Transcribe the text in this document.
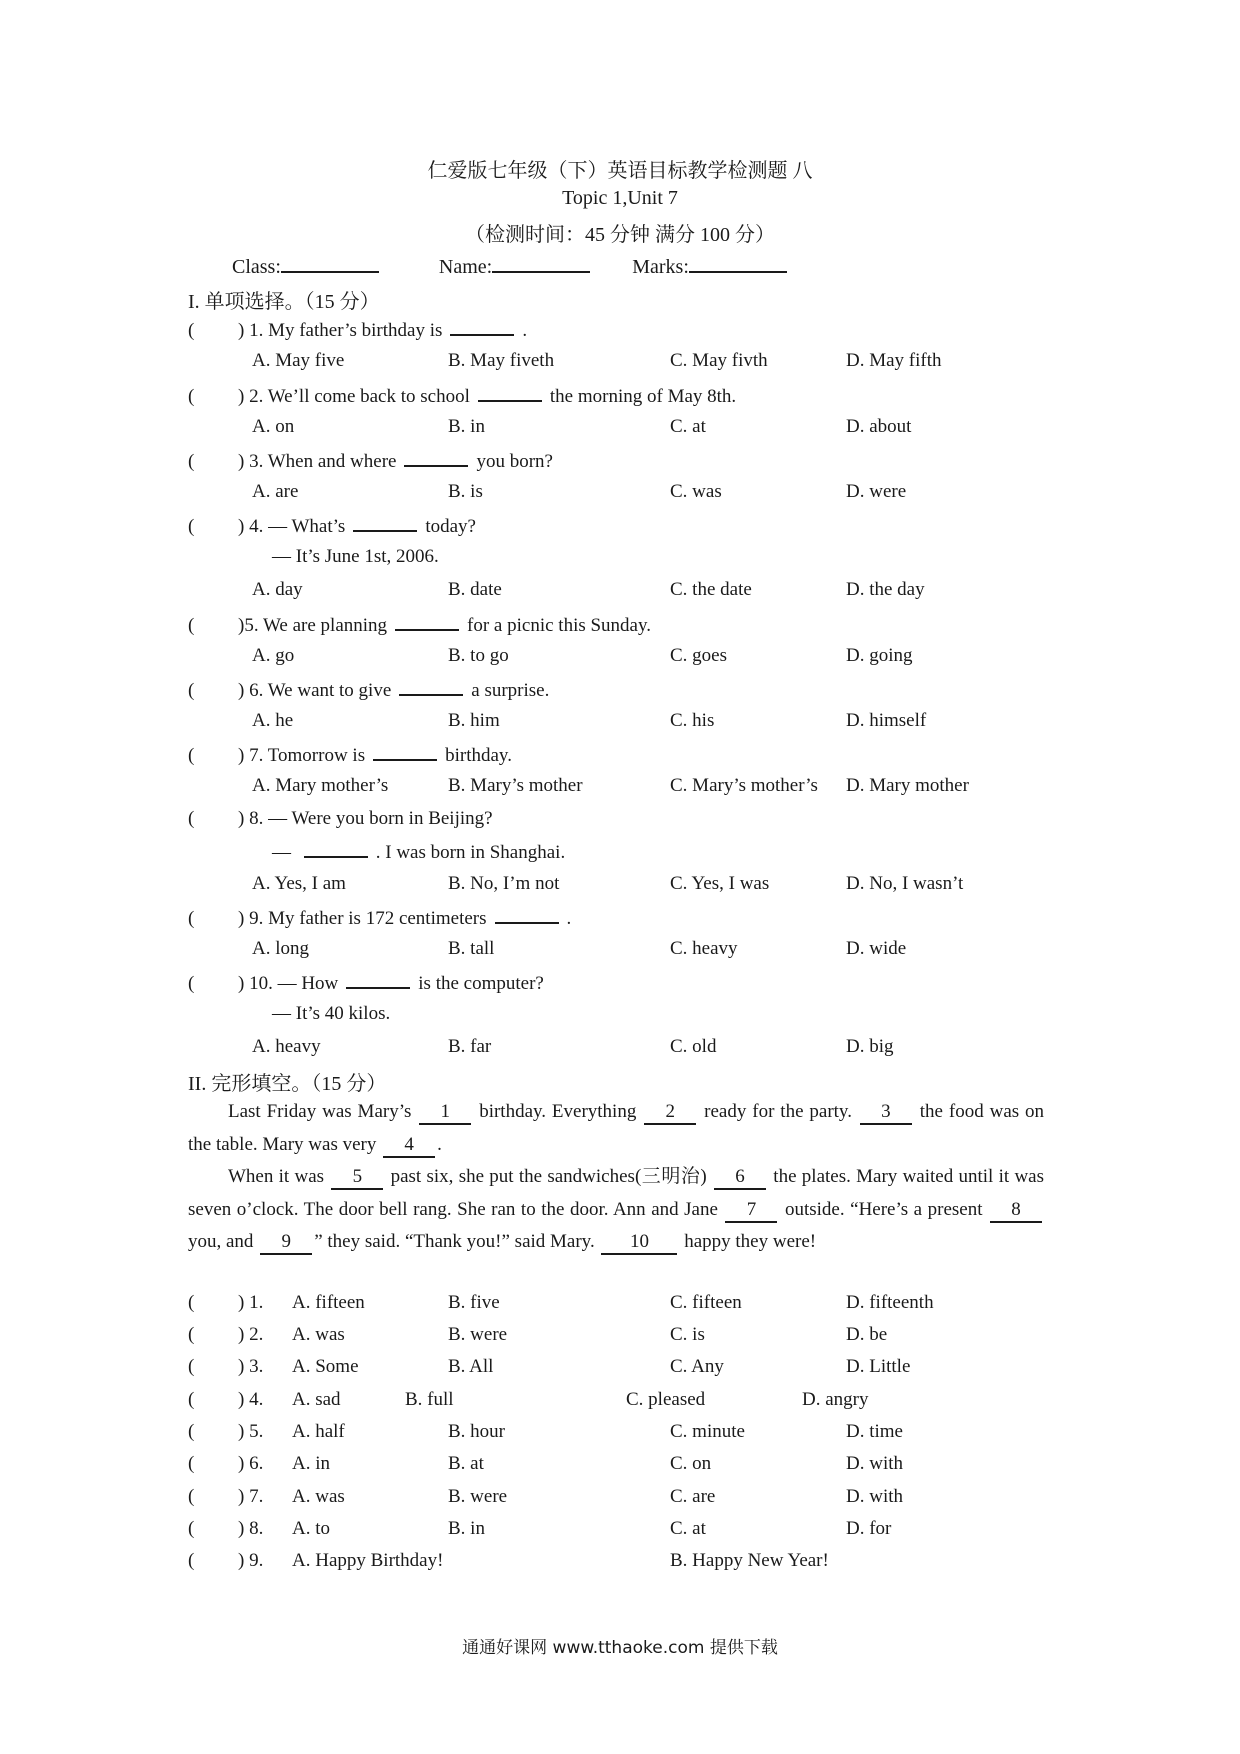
仁爱版七年级（下）英语目标教学检测题 八
Topic 1,Unit 7
（检测时间：45 分钟 满分 100 分）
Class:	Name:	Marks:
I. 单项选择。（15 分）
( ) 1. My father’s birthday is	.
A. May five	B. May fiveth	C. May fivth	D. May fifth
( ) 2. We’ll come back to school	the morning of May 8th.
A. on	B. in	C. at	D. about
( ) 3. When and where	you born?
A. are	B. is	C. was	D. were
( ) 4. — What’s	today?
— It’s June 1st, 2006.
A. day	B. date	C. the date	D. the day
( )5. We are planning	for a picnic this Sunday.
A. go	B. to go	C. goes	D. going
( ) 6. We want to give	a surprise.
A. he	B. him	C. his	D. himself
( ) 7. Tomorrow is	birthday.
A. Mary mother’s	B. Mary’s mother	C. Mary’s mother’s D. Mary mother
( ) 8. — Were you born in Beijing?
—	. I was born in Shanghai.
A. Yes, I am	B. No, I’m not	C. Yes, I was	D. No, I wasn’t
( ) 9. My father is 172 centimeters	.
A. long	B. tall	C. heavy	D. wide
( ) 10. — How	is the computer?
— It’s 40 kilos.
A. heavy	B. far	C. old	D. big
II. 完形填空。（15 分）
Last Friday was Mary’s 1 birthday. Everything 2 ready for the party. 3 the food was on the table. Mary was very 4 .
When it was 5 past six, she put the sandwiches(三明治) 6 the plates. Mary waited until it was seven o’clock. The door bell rang. She ran to the door. Ann and Jane 7 outside. “Here’s a present 8 you, and 9 ” they said. “Thank you!” said Mary. 10 happy they were!
( ) 1. A. fifteen	B. five	C. fifteen	D. fifteenth
( ) 2. A. was	B. were	C. is	D. be
( ) 3. A. Some	B. All	C. Any	D. Little
( ) 4. A. sad	B. full	C. pleased	D. angry
( ) 5. A. half	B. hour	C. minute	D. time
( ) 6. A. in	B. at	C. on	D. with
( ) 7. A. was	B. were	C. are	D. with
( ) 8. A. to	B. in	C. at	D. for
( ) 9. A. Happy Birthday!	B. Happy New Year!
通通好课网 www.tthaoke.com 提供下载
